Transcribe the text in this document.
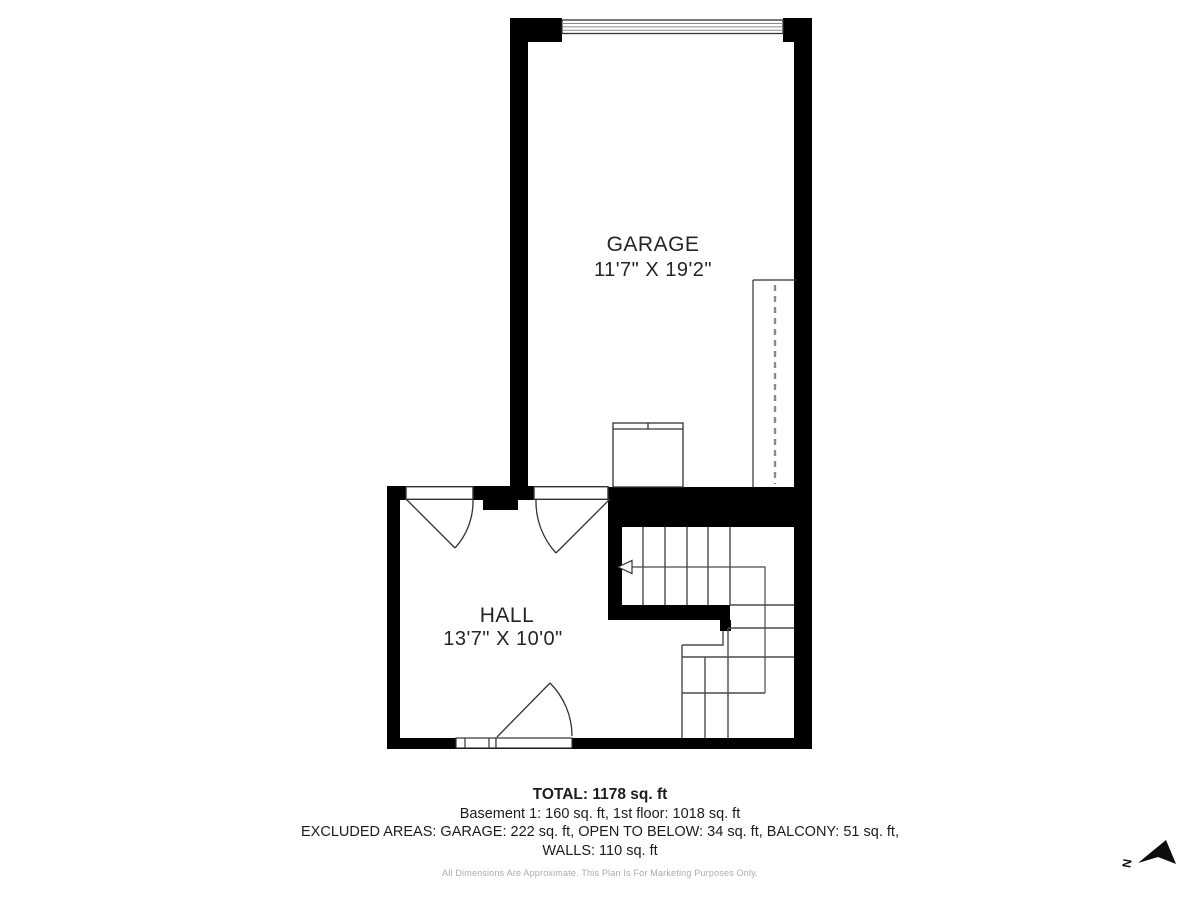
GARAGE
11'7" X 19'2"
HALL
13'7" X 10'0"
N
TOTAL: 1178 sq. ft
Basement 1: 160 sq. ft, 1st floor: 1018 sq. ft
EXCLUDED AREAS: GARAGE: 222 sq. ft, OPEN TO BELOW: 34 sq. ft, BALCONY: 51 sq. ft,
WALLS: 110 sq. ft
All Dimensions Are Approximate. This Plan Is For Marketing Purposes Only.
